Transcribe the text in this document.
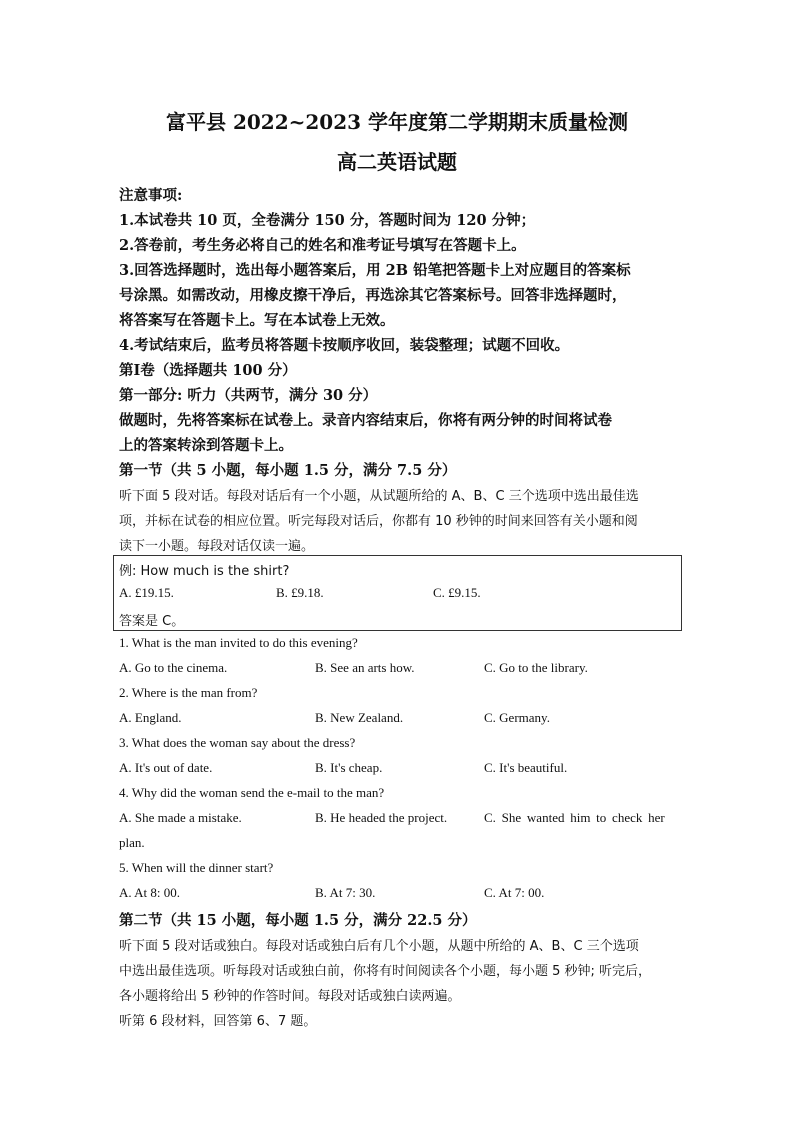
富平县 2022~2023 学年度第二学期期末质量检测
高二英语试题
注意事项:
1.本试卷共 10 页，全卷满分 150 分，答题时间为 120 分钟；
2.答卷前，考生务必将自己的姓名和准考证号填写在答题卡上。
3.回答选择题时，选出每小题答案后，用 2B 铅笔把答题卡上对应题目的答案标
号涂黑。如需改动，用橡皮擦干净后，再选涂其它答案标号。回答非选择题时，
将答案写在答题卡上。写在本试卷上无效。
4.考试结束后，监考员将答题卡按顺序收回，装袋整理；试题不回收。
第Ⅰ卷（选择题共 100 分）
第一部分: 听力（共两节，满分 30 分）
做题时，先将答案标在试卷上。录音内容结束后，你将有两分钟的时间将试卷
上的答案转涂到答题卡上。
第一节（共 5 小题，每小题 1.5 分，满分 7.5 分）
听下面 5 段对话。每段对话后有一个小题，从试题所给的 A、B、C 三个选项中选出最佳选
项，并标在试卷的相应位置。听完每段对话后，你都有 10 秒钟的时间来回答有关小题和阅
读下一小题。每段对话仅读一遍。
例: How much is the shirt?
A. £19.15.	B. £9.18.	C. £9.15.
答案是 C。
1. What is the man invited to do this evening?
A. Go to the cinema.	B. See an arts how.	C. Go to the library.
2. Where is the man from?
A. England.	B. New Zealand.	C. Germany.
3. What does the woman say about the dress?
A. It's out of date.	B. It's cheap.	C. It's beautiful.
4. Why did the woman send the e-mail to the man?
A. She made a mistake.	B. He headed the project.	C. She wanted him to check her
plan.
5. When will the dinner start?
A. At 8: 00.	B. At 7: 30.	C. At 7: 00.
第二节（共 15 小题，每小题 1.5 分，满分 22.5 分）
听下面 5 段对话或独白。每段对话或独白后有几个小题，从题中所给的 A、B、C 三个选项
中选出最佳选项。听每段对话或独白前，你将有时间阅读各个小题，每小题 5 秒钟; 听完后，
各小题将给出 5 秒钟的作答时间。每段对话或独白读两遍。
听第 6 段材料，回答第 6、7 题。
